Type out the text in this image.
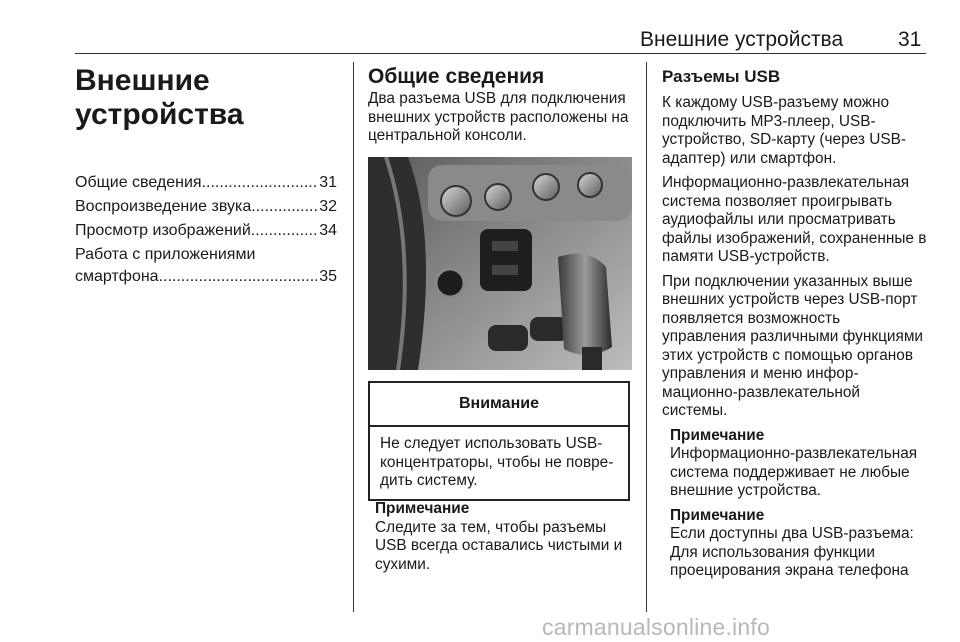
Внешние устройства	31
Внешние
устройства
Общие сведения .....	31
Воспроизведение звука .....	32
Просмотр изображений .....	34
Работа с приложениями
смартфона .....	35
Общие сведения

Два разъема USB для подключения внешних устройств расположены на центральной консоли.

Внимание
Не следует использовать USB-концентраторы, чтобы не повредить систему.
Примечание
Следите за тем, чтобы разъемы USB всегда оставались чистыми и сухими.
Разъемы USB

К каждому USB-разъему можно подключить MP3-плеер, USB-устройство, SD-карту (через USB-адаптер) или смартфон.

Информационно-развлекательная система позволяет проигрывать аудиофайлы или просматривать файлы изображений, сохраненные в памяти USB-устройств.

При подключении указанных выше внешних устройств через USB-порт появляется возможность управления различными функциями этих устройств с помощью органов управления и меню информационно-развлекательной системы.

Примечание
Информационно-развлекательная система поддерживает не любые внешние устройства.
Примечание
Если доступны два USB-разъема: Для использования функции проецирования экрана телефона
carmanualsonline.info
